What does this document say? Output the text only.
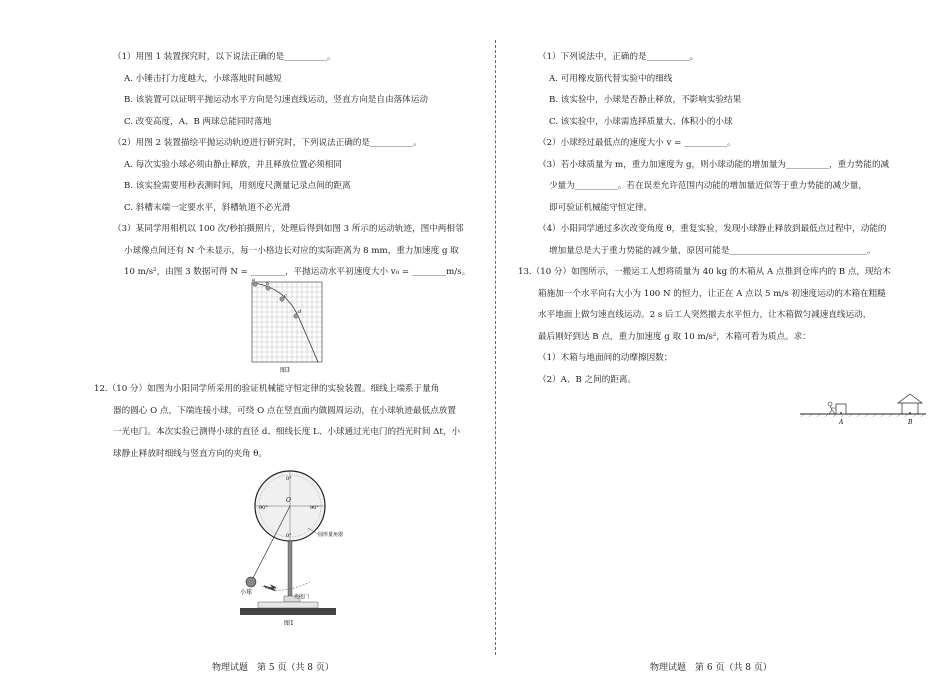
（1）用图 1 装置探究时，以下说法正确的是__________。
A. 小锤击打力度越大，小球落地时间越短
B. 该装置可以证明平抛运动水平方向是匀速直线运动，竖直方向是自由落体运动
C. 改变高度，A、B 两球总能同时落地
（2）用图 2 装置描绘平抛运动轨迹进行研究时，下列说法正确的是__________。
A. 每次实验小球必须由静止释放，并且释放位置必须相同
B. 该实验需要用秒表测时间，用刻度尺测量记录点间的距离
C. 斜槽末端一定要水平，斜槽轨道不必光滑
（3）某同学用相机以 100 次/秒拍摄照片，处理后得到如图 3 所示的运动轨迹，图中两相邻
小球像点间还有 N 个未显示，每一小格边长对应的实际距离为 8 mm，重力加速度 g 取
10 m/s²，由图 3 数据可得 N = ________，平抛运动水平初速度大小 v₀ = ________m/s。
a
b
c
d
图3
12.（10 分）如图为小阳同学所采用的验证机械能守恒定律的实验装置。细线上端系于量角
器的圆心 O 点，下端连接小球，可绕 O 点在竖直面内做圆周运动，在小球轨迹最低点放置
一光电门。本次实验已测得小球的直径 d、细线长度 L、小球通过光电门的挡光时间 Δt，小
球静止释放时细线与竖直方向的夹角 θ。
0°
90°	90°
0°
O
圆形量角器
小球
光电门
图1
物理试题　第 5 页（共 8 页）
（1）下列说法中，正确的是__________。
A. 可用橡皮筋代替实验中的细线
B. 该实验中，小球是否静止释放，不影响实验结果
C. 该实验中，小球需选择质量大、体积小的小球
（2）小球经过最低点的速度大小 v = __________。
（3）若小球质量为 m，重力加速度为 g，则小球动能的增加量为__________，重力势能的减
少量为__________。若在误差允许范围内动能的增加量近似等于重力势能的减少量，
即可验证机械能守恒定律。
（4）小阳同学通过多次改变角度 θ，重复实验，发现小球静止释放到最低点过程中，动能的
增加量总是大于重力势能的减少量，原因可能是________________________________。
13.（10 分）如图所示，一搬运工人想将质量为 40 kg 的木箱从 A 点推到仓库内的 B 点，现给木
箱施加一个水平向右大小为 100 N 的恒力，让正在 A 点以 5 m/s 初速度运动的木箱在粗糙
水平地面上做匀速直线运动。2 s 后工人突然撤去水平恒力，让木箱做匀减速直线运动，
最后刚好到达 B 点，重力加速度 g 取 10 m/s²，木箱可看为质点。求：
（1）木箱与地面间的动摩擦因数；
（2）A、B 之间的距离。
A	B
物理试题　第 6 页（共 8 页）
